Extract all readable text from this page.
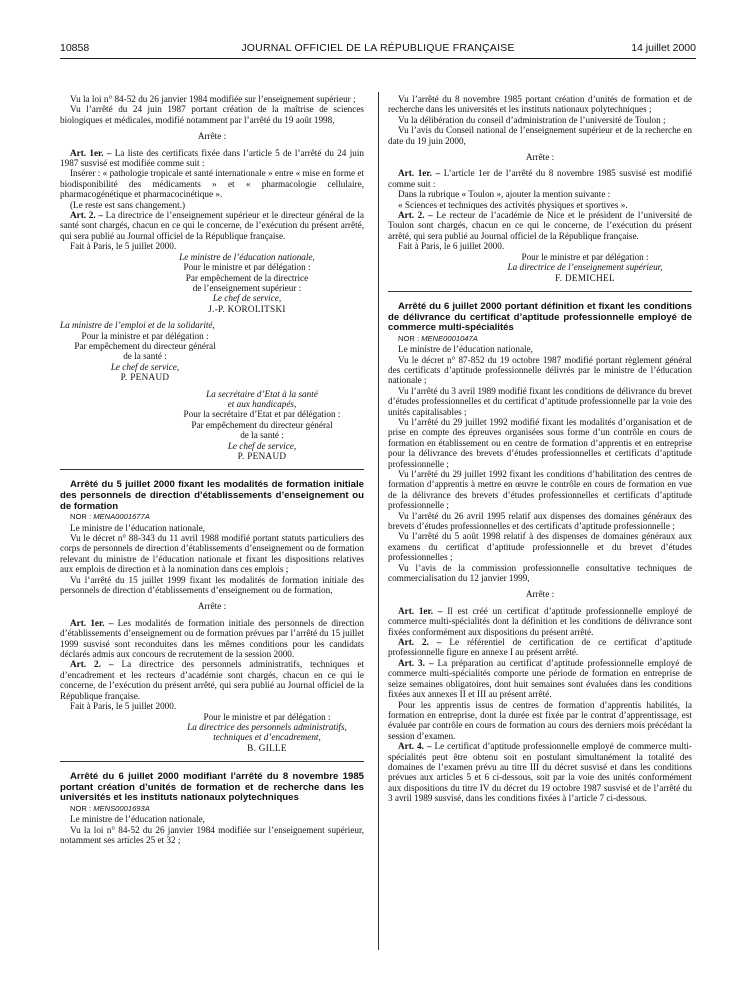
10858	JOURNAL OFFICIEL DE LA RÉPUBLIQUE FRANÇAISE	14 juillet 2000

Vu la loi n° 84-52 du 26 janvier 1984 modifiée sur l’enseignement supérieur ;

Vu l’arrêté du 24 juin 1987 portant création de la maîtrise de sciences biologiques et médicales, modifié notamment par l’arrêté du 19 août 1998,

Arrête :

Art. 1er. – La liste des certificats fixée dans l’article 5 de l’arrêté du 24 juin 1987 susvisé est modifiée comme suit :

Insérer : « pathologie tropicale et santé internationale » entre « mise en forme et biodisponibilité des médicaments » et « pharmacologie cellulaire, pharmacogénétique et pharmacocinétique ».

(Le reste est sans changement.)

Art. 2. – La directrice de l’enseignement supérieur et le directeur général de la santé sont chargés, chacun en ce qui le concerne, de l’exécution du présent arrêté, qui sera publié au Journal officiel de la République française.

Fait à Paris, le 5 juillet 2000.

Le ministre de l’éducation nationale,

Pour le ministre et par délégation :

Par empêchement de la directrice

de l’enseignement supérieur :

Le chef de service,

J.-P. KOROLITSKI

La ministre de l’emploi et de la solidarité,

Pour la ministre et par délégation :

Par empêchement du directeur général

de la santé :

Le chef de service,

P. PENAUD

La secrétaire d’Etat à la santé

et aux handicapés,

Pour la secrétaire d’Etat et par délégation :

Par empêchement du directeur général

de la santé :

Le chef de service,

P. PENAUD

Arrêté du 5 juillet 2000 fixant les modalités de formation initiale des personnels de direction d’établissements d’enseignement ou de formation

NOR : MENA0001677A

Le ministre de l’éducation nationale,

Vu le décret n° 88-343 du 11 avril 1988 modifié portant statuts particuliers des corps de personnels de direction d’établissements d’enseignement ou de formation relevant du ministre de l’éducation nationale et fixant les dispositions relatives aux emplois de direction et à la nomination dans ces emplois ;

Vu l’arrêté du 15 juillet 1999 fixant les modalités de formation initiale des personnels de direction d’établissements d’enseignement ou de formation,

Arrête :

Art. 1er. – Les modalités de formation initiale des personnels de direction d’établissements d’enseignement ou de formation prévues par l’arrêté du 15 juillet 1999 susvisé sont reconduites dans les mêmes conditions pour les candidats déclarés admis aux concours de recrutement de la session 2000.

Art. 2. – La directrice des personnels administratifs, techniques et d’encadrement et les recteurs d’académie sont chargés, chacun en ce qui le concerne, de l’exécution du présent arrêté, qui sera publié au Journal officiel de la République française.

Fait à Paris, le 5 juillet 2000.

Pour le ministre et par délégation :

La directrice des personnels administratifs,

techniques et d’encadrement,

B. GILLE

Arrêté du 6 juillet 2000 modifiant l’arrêté du 8 novembre 1985 portant création d’unités de formation et de recherche dans les universités et les instituts nationaux polytechniques

NOR : MENS0001693A

Le ministre de l’éducation nationale,

Vu la loi n° 84-52 du 26 janvier 1984 modifiée sur l’enseignement supérieur, notamment ses articles 25 et 32 ;

Vu l’arrêté du 8 novembre 1985 portant création d’unités de formation et de recherche dans les universités et les instituts nationaux polytechniques ;

Vu la délibération du conseil d’administration de l’université de Toulon ;

Vu l’avis du Conseil national de l’enseignement supérieur et de la recherche en date du 19 juin 2000,

Arrête :

Art. 1er. – L’article 1er de l’arrêté du 8 novembre 1985 susvisé est modifié comme suit :

Dans la rubrique « Toulon », ajouter la mention suivante :

« Sciences et techniques des activités physiques et sportives ».

Art. 2. – Le recteur de l’académie de Nice et le président de l’université de Toulon sont chargés, chacun en ce qui le concerne, de l’exécution du présent arrêté, qui sera publié au Journal officiel de la République française.

Fait à Paris, le 6 juillet 2000.

Pour le ministre et par délégation :

La directrice de l’enseignement supérieur,

F. DEMICHEL

Arrêté du 6 juillet 2000 portant définition et fixant les conditions de délivrance du certificat d’aptitude professionnelle employé de commerce multi-spécialités

NOR : MENE0001047A

Le ministre de l’éducation nationale,

Vu le décret n° 87-852 du 19 octobre 1987 modifié portant règlement général des certificats d’aptitude professionnelle délivrés par le ministre de l’éducation nationale ;

Vu l’arrêté du 3 avril 1989 modifié fixant les conditions de délivrance du brevet d’études professionnelles et du certificat d’aptitude professionnelle par la voie des unités capitalisables ;

Vu l’arrêté du 29 juillet 1992 modifié fixant les modalités d’organisation et de prise en compte des épreuves organisées sous forme d’un contrôle en cours de formation en établissement ou en centre de formation d’apprentis et en entreprise pour la délivrance des brevets d’études professionnelles et certificats d’aptitude professionnelle ;

Vu l’arrêté du 29 juillet 1992 fixant les conditions d’habilitation des centres de formation d’apprentis à mettre en œuvre le contrôle en cours de formation en vue de la délivrance des brevets d’études professionnelles et certificats d’aptitude professionnelle ;

Vu l’arrêté du 26 avril 1995 relatif aux dispenses des domaines généraux des brevets d’études professionnelles et des certificats d’aptitude professionnelle ;

Vu l’arrêté du 5 août 1998 relatif à des dispenses de domaines généraux aux examens du certificat d’aptitude professionnelle et du brevet d’études professionnelles ;

Vu l’avis de la commission professionnelle consultative techniques de commercialisation du 12 janvier 1999,

Arrête :

Art. 1er. – Il est créé un certificat d’aptitude professionnelle employé de commerce multi-spécialités dont la définition et les conditions de délivrance sont fixées conformément aux dispositions du présent arrêté.

Art. 2. – Le référentiel de certification de ce certificat d’aptitude professionnelle figure en annexe I au présent arrêté.

Art. 3. – La préparation au certificat d’aptitude professionnelle employé de commerce multi-spécialités comporte une période de formation en entreprise de seize semaines obligatoires, dont huit semaines sont évaluées dans les conditions fixées aux annexes II et III au présent arrêté.

Pour les apprentis issus de centres de formation d’apprentis habilités, la formation en entreprise, dont la durée est fixée par le contrat d’apprentissage, est évaluée par contrôle en cours de formation au cours des derniers mois précédant la session d’examen.

Art. 4. – Le certificat d’aptitude professionnelle employé de commerce multi-spécialités peut être obtenu soit en postulant simultanément la totalité des domaines de l’examen prévu au titre III du décret susvisé et dans les conditions prévues aux articles 5 et 6 ci-dessous, soit par la voie des unités conformément aux dispositions du titre IV du décret du 19 octobre 1987 susvisé et de l’arrêté du 3 avril 1989 susvisé, dans les conditions fixées à l’article 7 ci-dessous.
